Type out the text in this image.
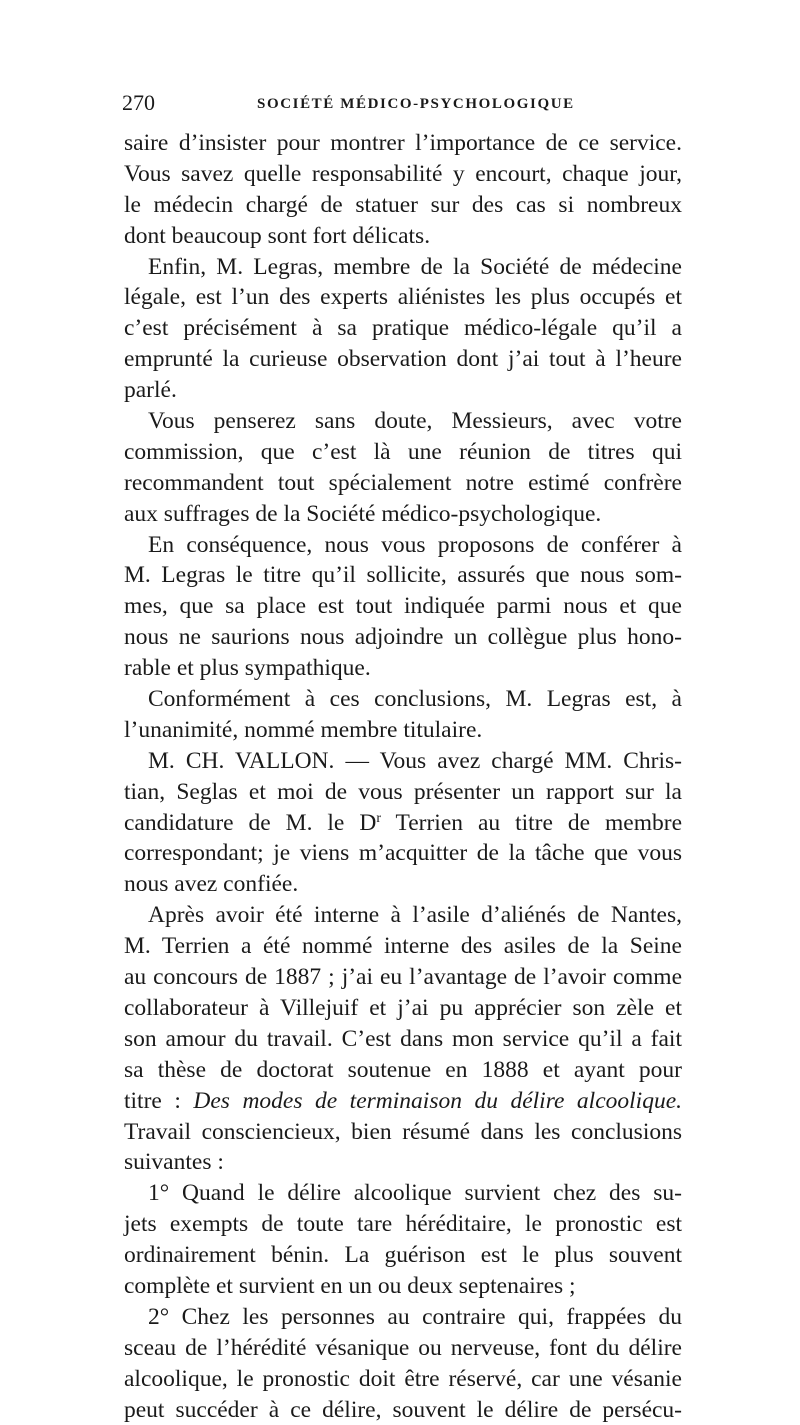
270	SOCIÉTÉ MÉDICO-PSYCHOLOGIQUE
saire d’insister pour montrer l’importance de ce service.
Vous savez quelle responsabilité y encourt, chaque jour,
le médecin chargé de statuer sur des cas si nombreux
dont beaucoup sont fort délicats.
Enfin, M. Legras, membre de la Société de médecine
légale, est l’un des experts aliénistes les plus occupés et
c’est précisément à sa pratique médico-légale qu’il a
emprunté la curieuse observation dont j’ai tout à l’heure
parlé.
Vous penserez sans doute, Messieurs, avec votre
commission, que c’est là une réunion de titres qui
recommandent tout spécialement notre estimé confrère
aux suffrages de la Société médico-psychologique.
En conséquence, nous vous proposons de conférer à
M. Legras le titre qu’il sollicite, assurés que nous som-
mes, que sa place est tout indiquée parmi nous et que
nous ne saurions nous adjoindre un collègue plus hono-
rable et plus sympathique.
Conformément à ces conclusions, M. Legras est, à
l’unanimité, nommé membre titulaire.
M. CH. VALLON. — Vous avez chargé MM. Chris-
tian, Seglas et moi de vous présenter un rapport sur la
candidature de M. le $D^r$ Terrien au titre de membre
correspondant; je viens m’acquitter de la tâche que vous
nous avez confiée.
Après avoir été interne à l’asile d’aliénés de Nantes,
M. Terrien a été nommé interne des asiles de la Seine
au concours de 1887 ; j’ai eu l’avantage de l’avoir comme
collaborateur à Villejuif et j’ai pu apprécier son zèle et
son amour du travail. C’est dans mon service qu’il a fait
sa thèse de doctorat soutenue en 1888 et ayant pour
titre : Des modes de terminaison du délire alcoolique.
Travail consciencieux, bien résumé dans les conclusions
suivantes :
1° Quand le délire alcoolique survient chez des su-
jets exempts de toute tare héréditaire, le pronostic est
ordinairement bénin. La guérison est le plus souvent
complète et survient en un ou deux septenaires ;
2° Chez les personnes au contraire qui, frappées du
sceau de l’hérédité vésanique ou nerveuse, font du délire
alcoolique, le pronostic doit être réservé, car une vésanie
peut succéder à ce délire, souvent le délire de persécu-
